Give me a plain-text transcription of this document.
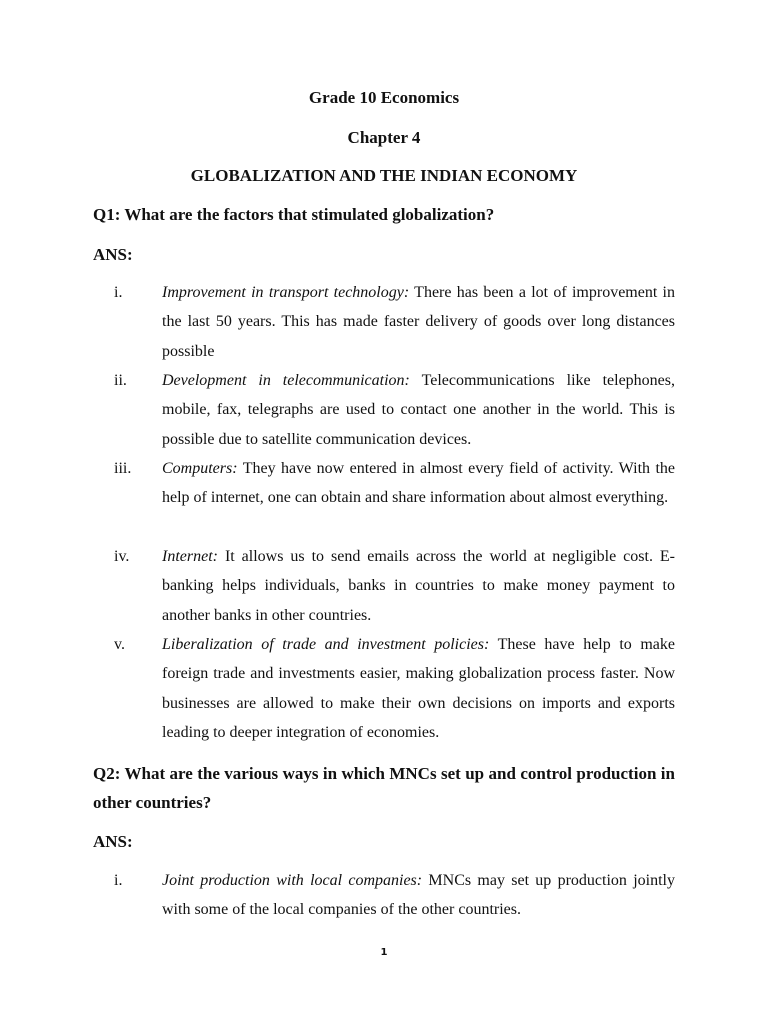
Grade 10 Economics
Chapter 4
GLOBALIZATION AND THE INDIAN ECONOMY
Q1: What are the factors that stimulated globalization?
ANS:
i. Improvement in transport technology: There has been a lot of improvement in the last 50 years. This has made faster delivery of goods over long distances possible
ii. Development in telecommunication: Telecommunications like telephones, mobile, fax, telegraphs are used to contact one another in the world. This is possible due to satellite communication devices.
iii. Computers: They have now entered in almost every field of activity. With the help of internet, one can obtain and share information about almost everything.
iv. Internet: It allows us to send emails across the world at negligible cost. E-banking helps individuals, banks in countries to make money payment to another banks in other countries.
v. Liberalization of trade and investment policies: These have help to make foreign trade and investments easier, making globalization process faster. Now businesses are allowed to make their own decisions on imports and exports leading to deeper integration of economies.
Q2: What are the various ways in which MNCs set up and control production in other countries?
ANS:
i. Joint production with local companies: MNCs may set up production jointly with some of the local companies of the other countries.
1
